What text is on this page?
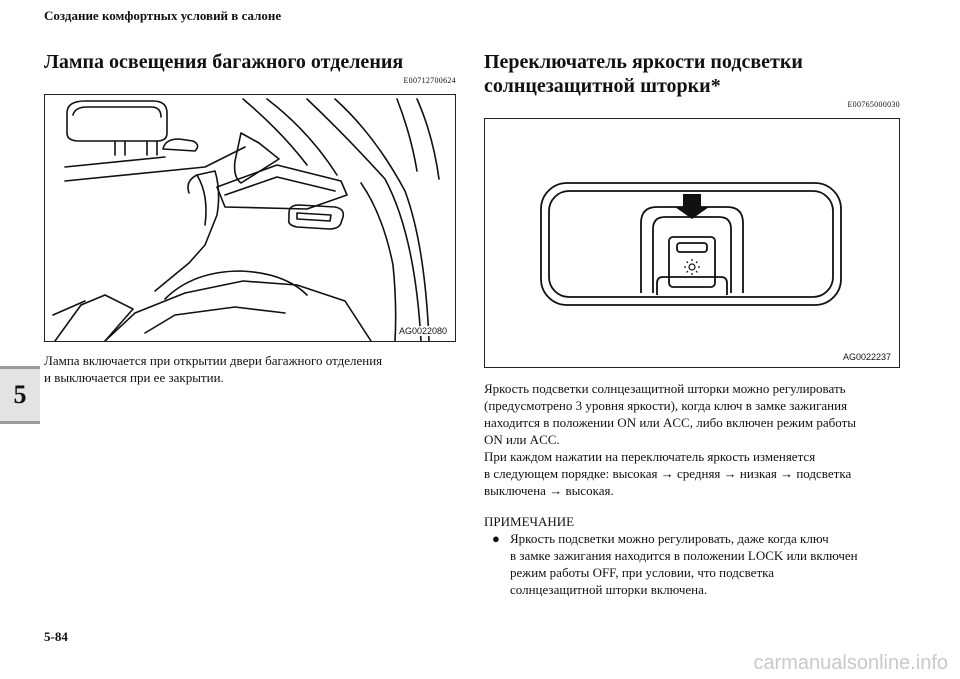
Создание комфортных условий в салоне
5
Лампа освещения багажного отделения
E00712700624
AG0022080

Лампа включается при открытии двери багажного отделения

и выключается при ее закрытии.

Переключатель яркости подсветки
солнцезащитной шторки*
E00765000030
AG0022237

Яркость подсветки солнцезащитной шторки можно регулировать

(предусмотрено 3 уровня яркости), когда ключ в замке зажигания

находится в положении ON или ACC, либо включен режим работы

ON или ACC.

При каждом нажатии на переключатель яркость изменяется

в следующем порядке: высокая → средняя → низкая → подсветка

выключена → высокая.

ПРИМЕЧАНИЕ
● Яркость подсветки можно регулировать, даже когда ключ

в замке зажигания находится в положении LOCK или включен

режим работы OFF, при условии, что подсветка

солнцезащитной шторки включена.

5-84
carmanualsonline.info
